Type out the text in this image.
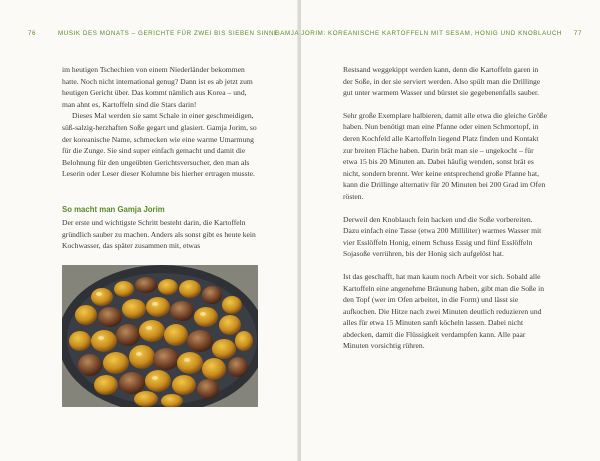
76	MUSIK DES MONATS – GERICHTE FÜR ZWEI BIS SIEBEN SINNE

im heutigen Tschechien von einem Niederländer bekommen hatte. Noch nicht international genug? Dann ist es ab jetzt zum heutigen Gericht über. Das kommt nämlich aus Korea – und, man ahnt es, Kartoffeln sind die Stars darin!

Dieses Mal werden sie samt Schale in einer geschmeidigen, süß-salzig-herzhaften Soße gegart und glasiert. Gamja Jorim, so der koreanische Name, schmecken wie eine warme Umarmung für die Zunge. Sie sind super einfach gemacht und damit die Belohnung für den ungeübten Gerichtsversucher, den man als Leserin oder Leser dieser Kolumne bis hierher ertragen musste.

So macht man Gamja Jorim

Der erste und wichtigste Schritt besteht darin, die Kartoffeln gründlich sauber zu machen. Anders als sonst gibt es heute kein Kochwasser, das später zusammen mit, etwas

GAMJA JORIM: KOREANISCHE KARTOFFELN MIT SESAM, HONIG UND KNOBLAUCH 77

Restsand weggekippt werden kann, denn die Kartoffeln garen in der Soße, in der sie serviert werden. Also spült man die Drillinge gut unter warmem Wasser und bürstet sie gegebenenfalls sauber.

Sehr große Exemplare halbieren, damit alle etwa die gleiche Größe haben. Nun benötigt man eine Pfanne oder einen Schmortopf, in deren Kochfeld alle Kartoffeln liegend Platz finden und Kontakt zur breiten Fläche haben. Darin brät man sie – ungekocht – für etwa 15 bis 20 Minuten an. Dabei häufig wenden, sonst brät es nicht, sondern brennt. Wer keine entsprechend große Pfanne hat, kann die Drillinge alternativ für 20 Minuten bei 200 Grad im Ofen rösten.

Derweil den Knoblauch fein hacken und die Soße vorbereiten. Dazu einfach eine Tasse (etwa 200 Milliliter) warmes Wasser mit vier Esslöffeln Honig, einem Schuss Essig und fünf Esslöffeln Sojasoße verrühren, bis der Honig sich aufgelöst hat.

Ist das geschafft, hat man kaum noch Arbeit vor sich. Sobald alle Kartoffeln eine angenehme Bräunung haben, gibt man die Soße in den Topf (wer im Ofen arbeitet, in die Form) und lässt sie aufkochen. Die Hitze nach zwei Minuten deutlich reduzieren und alles für etwa 15 Minuten sanft köcheln lassen. Dabei nicht abdecken, damit die Flüssigkeit verdampfen kann. Alle paar Minuten vorsichtig rühren.
